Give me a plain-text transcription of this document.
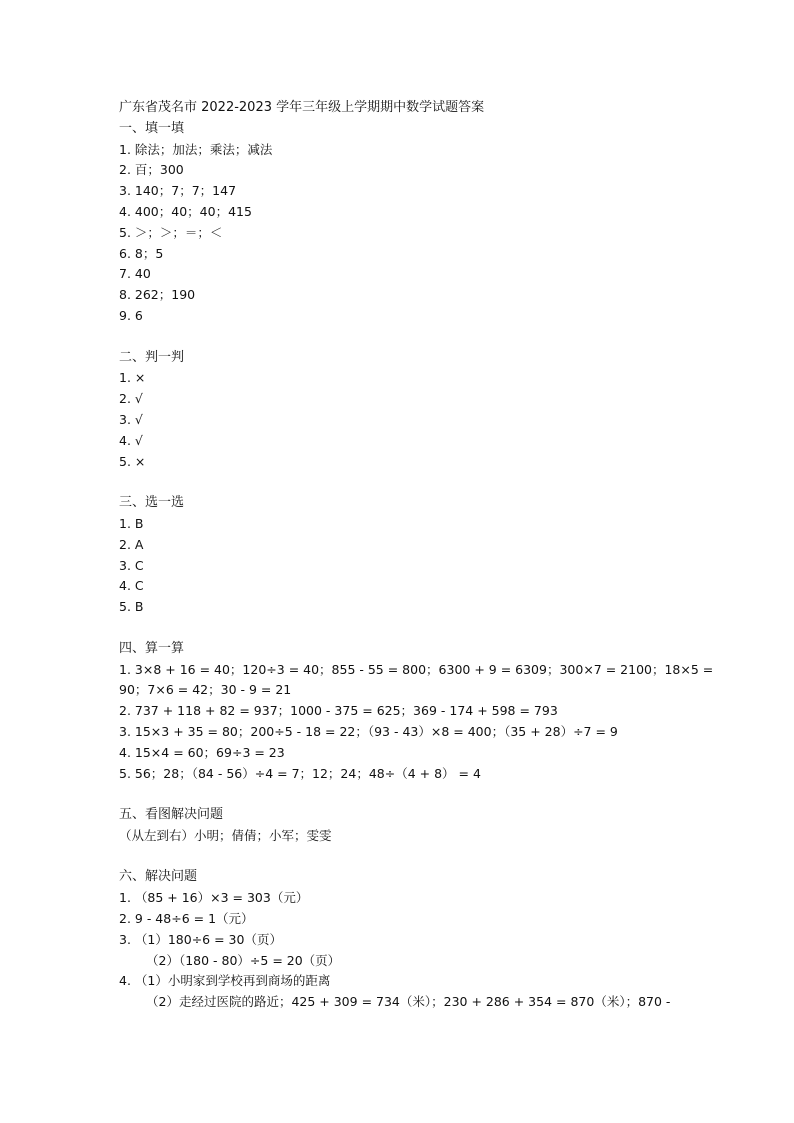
广东省茂名市 2022-2023 学年三年级上学期期中数学试题答案
一、填一填
1. 除法；加法；乘法；减法
2. 百；300
3. 140；7；7；147
4. 400；40；40；415
5. ＞；＞；＝；＜
6. 8；5
7. 40
8. 262；190
9. 6
二、判一判
1. ×
2. √
3. √
4. √
5. ×
三、选一选
1. B
2. A
3. C
4. C
5. B
四、算一算
1. 3×8 + 16 = 40；120÷3 = 40；855 - 55 = 800；6300 + 9 = 6309；300×7 = 2100；18×5 =
90；7×6 = 42；30 - 9 = 21
2. 737 + 118 + 82 = 937；1000 - 375 = 625；369 - 174 + 598 = 793
3. 15×3 + 35 = 80；200÷5 - 18 = 22；（93 - 43）×8 = 400；（35 + 28）÷7 = 9
4. 15×4 = 60；69÷3 = 23
5. 56；28；（84 - 56）÷4 = 7；12；24；48÷（4 + 8） = 4
五、看图解决问题
（从左到右）小明；倩倩；小军；雯雯
六、解决问题
1. （85 + 16）×3 = 303（元）
2. 9 - 48÷6 = 1（元）
3. （1）180÷6 = 30（页）
（2）（180 - 80）÷5 = 20（页）
4. （1）小明家到学校再到商场的距离
（2）走经过医院的路近；425 + 309 = 734（米）；230 + 286 + 354 = 870（米）；870 -
